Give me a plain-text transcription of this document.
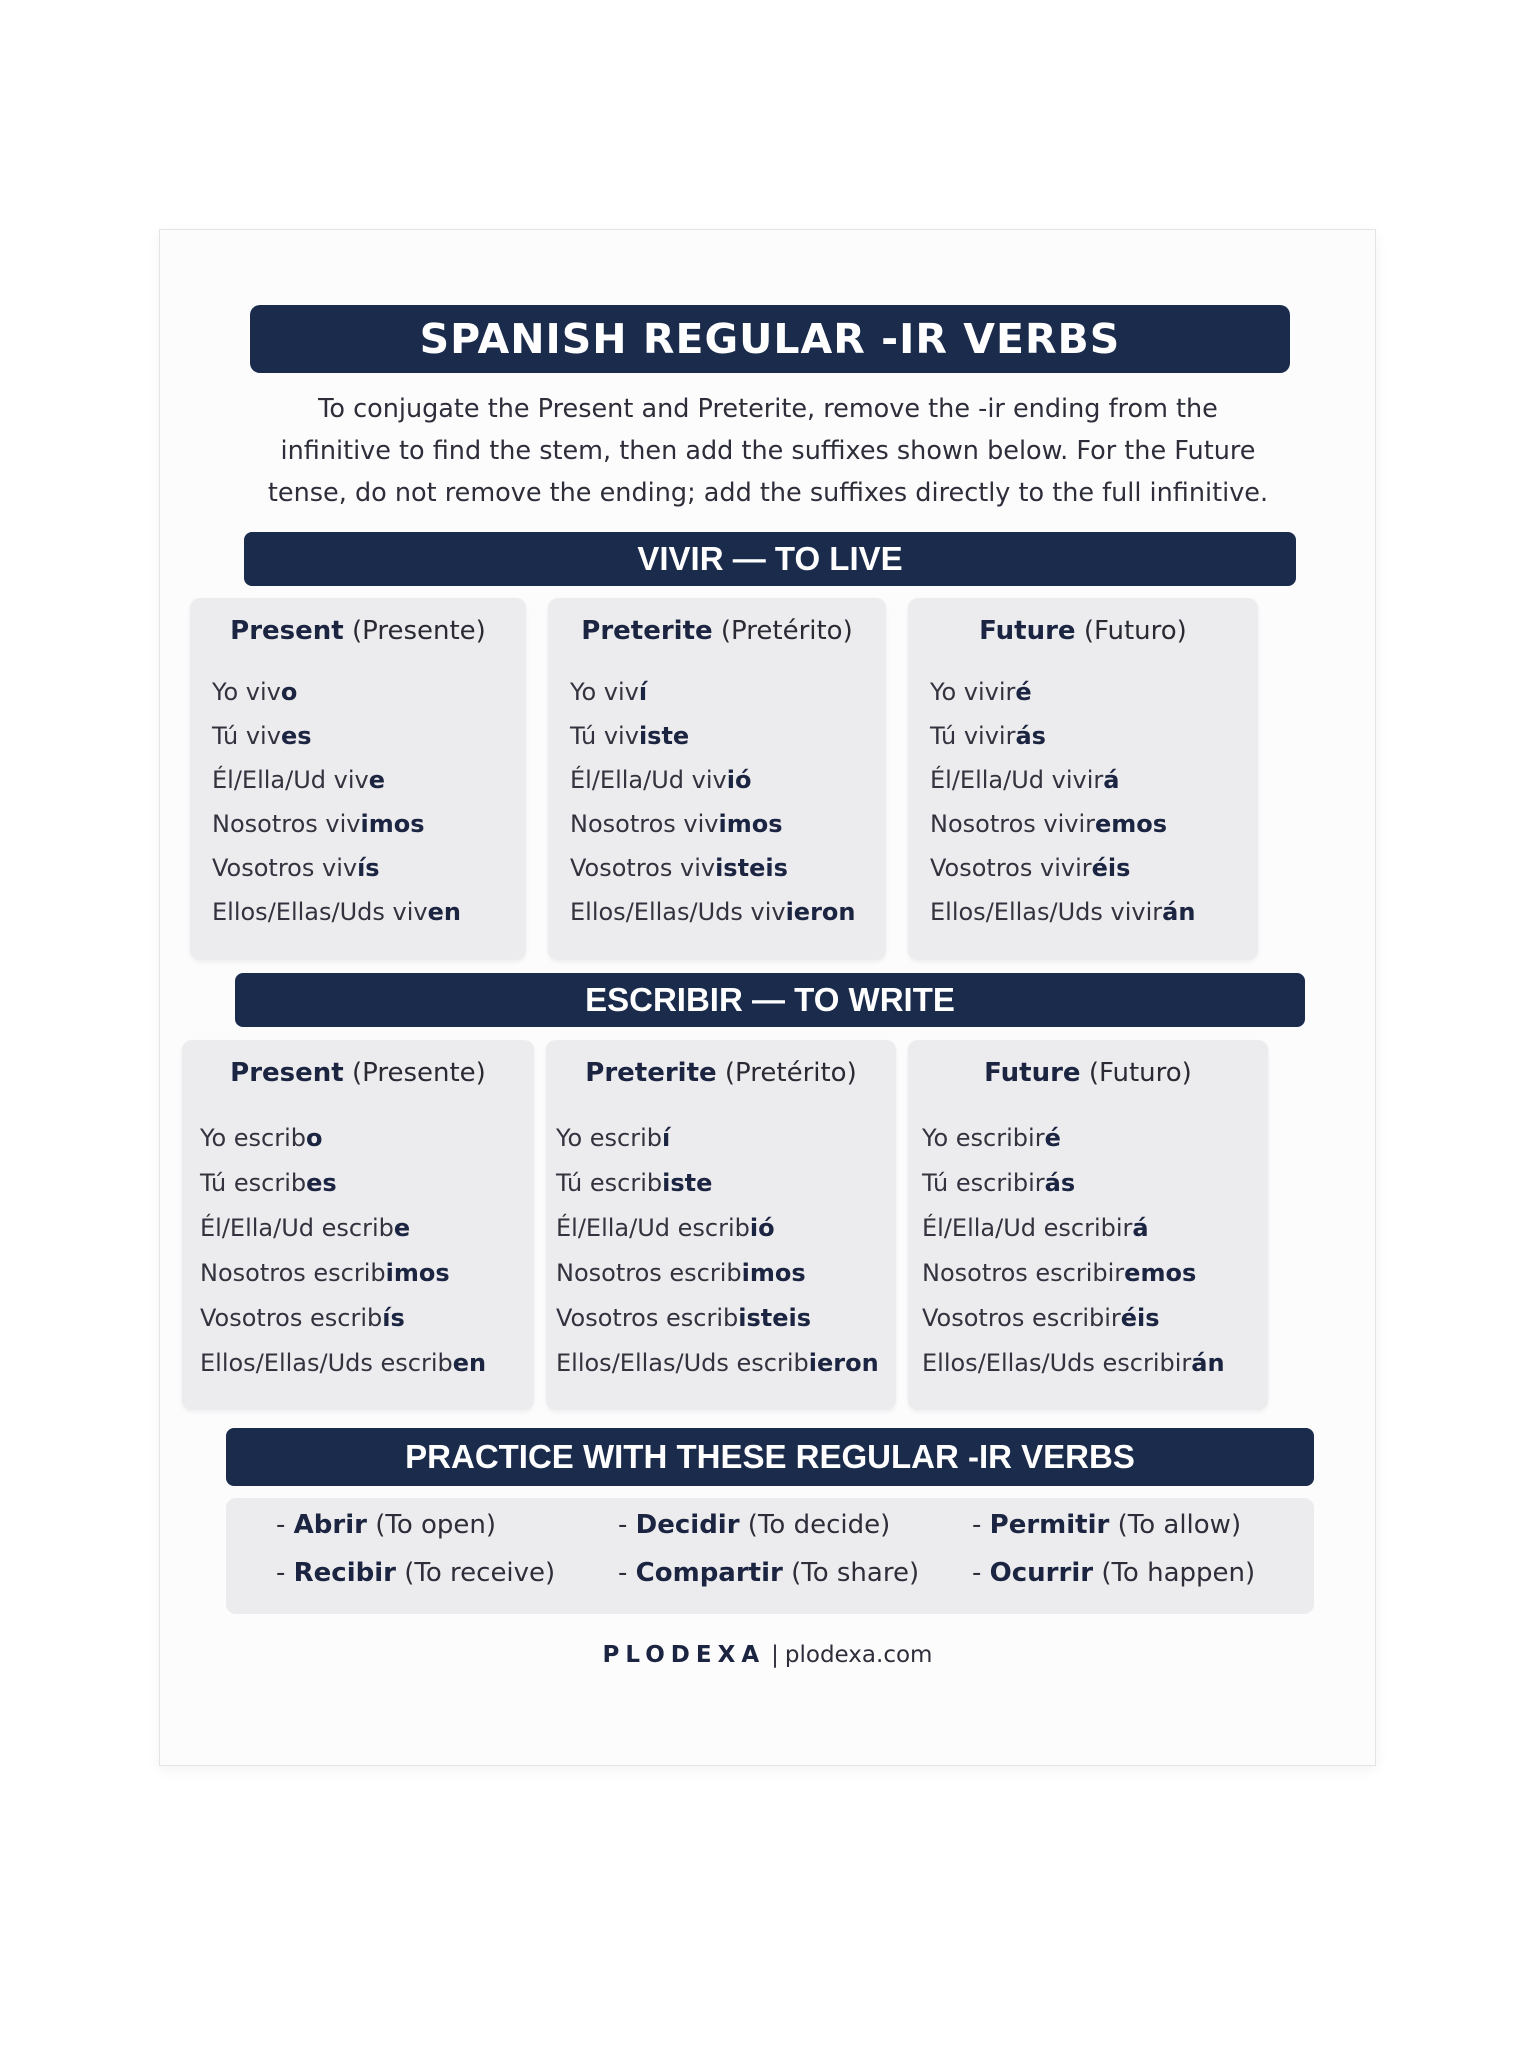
SPANISH REGULAR -IR VERBS
To conjugate the Present and Preterite, remove the -ir ending from the
infinitive to find the stem, then add the suffixes shown below. For the Future
tense, do not remove the ending; add the suffixes directly to the full infinitive.
VIVIR — TO LIVE
Present (Presente)
Yo vivo
Tú vives
Él/Ella/Ud vive
Nosotros vivimos
Vosotros vivís
Ellos/Ellas/Uds viven
Preterite (Pretérito)
Yo viví
Tú viviste
Él/Ella/Ud vivió
Nosotros vivimos
Vosotros vivisteis
Ellos/Ellas/Uds vivieron
Future (Futuro)
Yo viviré
Tú vivirás
Él/Ella/Ud vivirá
Nosotros viviremos
Vosotros viviréis
Ellos/Ellas/Uds vivirán
ESCRIBIR — TO WRITE
Present (Presente)
Yo escribo
Tú escribes
Él/Ella/Ud escribe
Nosotros escribimos
Vosotros escribís
Ellos/Ellas/Uds escriben
Preterite (Pretérito)
Yo escribí
Tú escribiste
Él/Ella/Ud escribió
Nosotros escribimos
Vosotros escribisteis
Ellos/Ellas/Uds escribieron
Future (Futuro)
Yo escribiré
Tú escribirás
Él/Ella/Ud escribirá
Nosotros escribiremos
Vosotros escribiréis
Ellos/Ellas/Uds escribirán
PRACTICE WITH THESE REGULAR -IR VERBS
- Abrir (To open)	- Decidir (To decide)	- Permitir (To allow)
- Recibir (To receive) - Compartir (To share) - Ocurrir (To happen)
PLODEXA | plodexa.com
